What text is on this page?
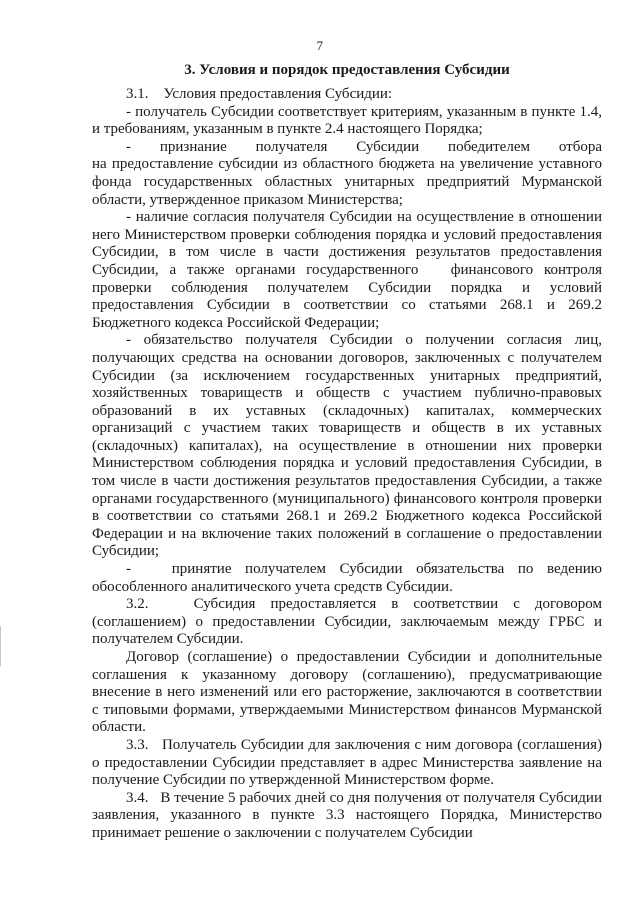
7
3. Условия и порядок предоставления Субсидии

3.1.    Условия предоставления Субсидии:

- получатель Субсидии соответствует критериям, указанным в пункте 1.4, и требованиям, указанным в пункте 2.4 настоящего Порядка;

-       признание       получателя       Субсидии       победителем       отбора       на предоставление субсидии из областного бюджета на увеличение уставного фонда государственных областных унитарных предприятий Мурманской области, утвержденное приказом Министерства;

- наличие согласия получателя Субсидии на осуществление в отношении него Министерством проверки соблюдения порядка и условий предоставления Субсидии, в том числе в части достижения результатов предоставления Субсидии, а также органами государственного   финансового контроля проверки соблюдения получателем Субсидии порядка и условий предоставления Субсидии в соответствии со статьями 268.1 и 269.2 Бюджетного кодекса Российской Федерации;

- обязательство получателя Субсидии о получении согласия лиц, получающих средства на основании договоров, заключенных с получателем Субсидии (за исключением государственных унитарных предприятий, хозяйственных товариществ и обществ с участием публично-правовых образований в их уставных (складочных) капиталах, коммерческих организаций с участием таких товариществ и обществ в их уставных (складочных) капиталах), на осуществление в отношении них проверки Министерством соблюдения порядка и условий предоставления Субсидии, в том числе в части достижения результатов предоставления Субсидии, а также органами государственного (муниципального) финансового контроля проверки в соответствии со статьями 268.1 и 269.2 Бюджетного кодекса Российской Федерации и на включение таких положений в соглашение о предоставлении Субсидии;

-   принятие получателем Субсидии обязательства по ведению обособленного аналитического учета средств Субсидии.

3.2.   Субсидия предоставляется в соответствии с договором (соглашением) о предоставлении Субсидии, заключаемым между ГРБС и получателем Субсидии.

Договор (соглашение) о предоставлении Субсидии и дополнительные соглашения к указанному договору (соглашению), предусматривающие внесение в него изменений или его расторжение, заключаются в соответствии с типовыми формами, утверждаемыми Министерством финансов Мурманской области.

3.3.   Получатель Субсидии для заключения с ним договора (соглашения) о предоставлении Субсидии представляет в адрес Министерства заявление на получение Субсидии по утвержденной Министерством форме.

3.4.   В течение 5 рабочих дней со дня получения от получателя Субсидии заявления, указанного в пункте 3.3 настоящего Порядка, Министерство принимает решение о заключении с получателем Субсидии
